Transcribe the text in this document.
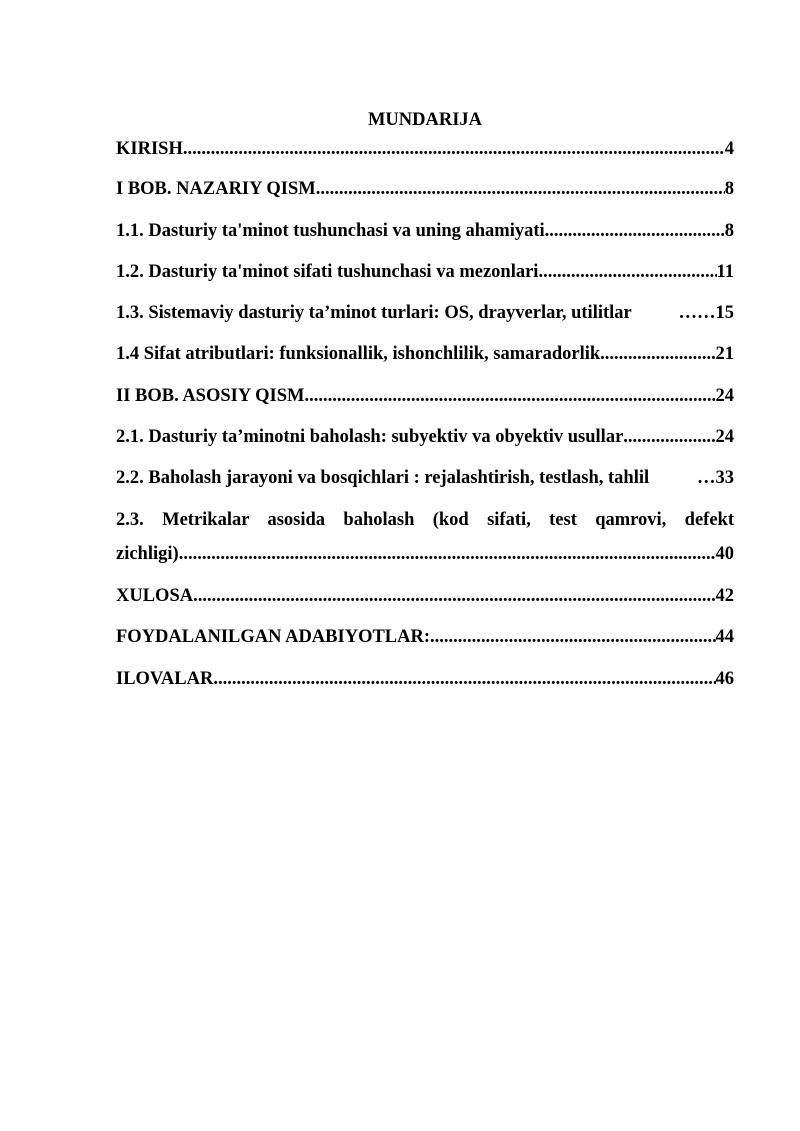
MUNDARIJA
KIRISH .....	4
I BOB. NAZARIY QISM .....	8
1.1. Dasturiy ta'minot tushunchasi va uning ahamiyati .....	8
1.2. Dasturiy ta'minot sifati tushunchasi va mezonlari .....	11
1.3. Sistemaviy dasturiy ta’minot turlari: OS, drayverlar, utilitlar	…… 15
1.4 Sifat atributlari: funksionallik, ishonchlilik, samaradorlik .....	21
II BOB. ASOSIY QISM .....	24
2.1. Dasturiy ta’minotni baholash: subyektiv va obyektiv usullar .....	24
2.2. Baholash jarayoni va bosqichlari : rejalashtirish, testlash, tahlil	… 33
2.3. Metrikalar asosida baholash (kod sifati, test qamrovi, defekt
zichligi) .....	40
XULOSA .....	42
FOYDALANILGAN ADABIYOTLAR: .....	44
ILOVALAR .....	46
